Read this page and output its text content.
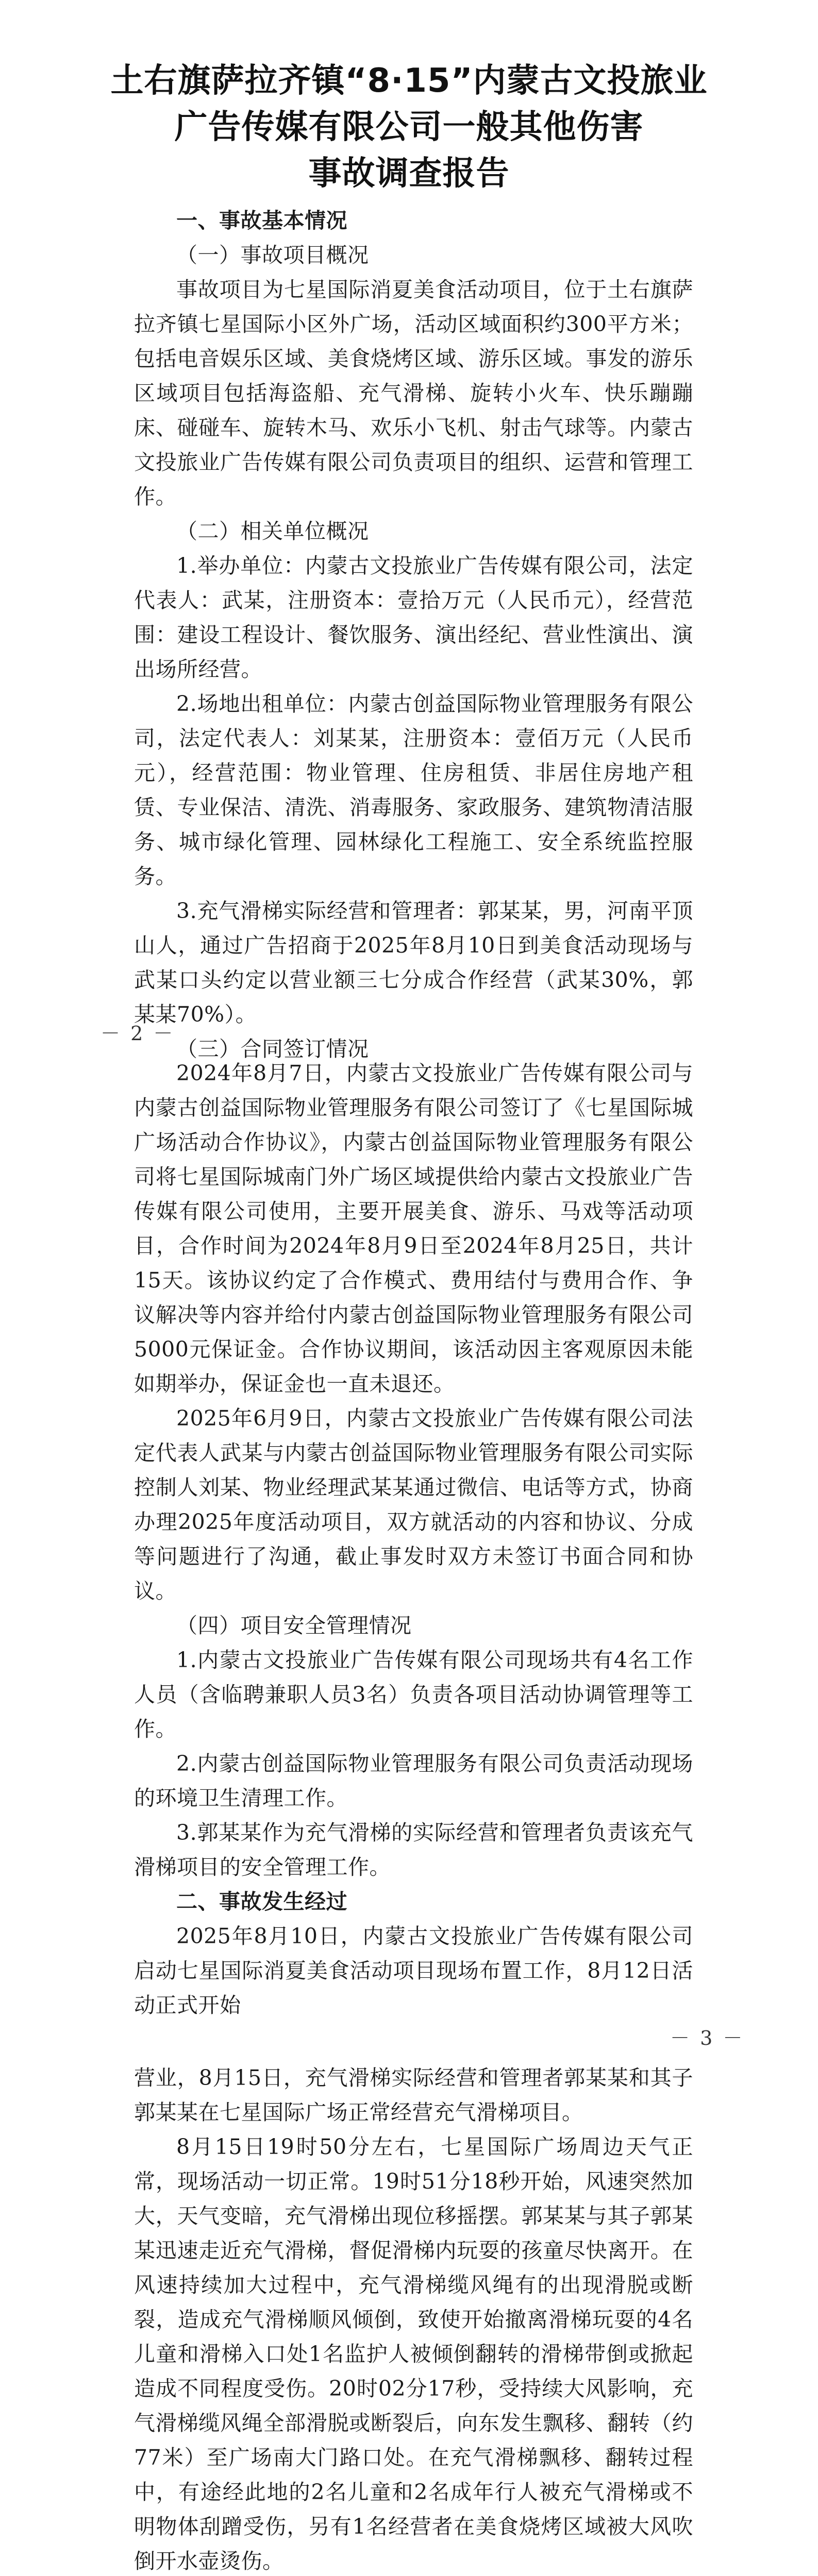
土右旗萨拉齐镇“8·15”内蒙古文投旅业
广告传媒有限公司一般其他伤害
事故调查报告
一、事故基本情况
（一）事故项目概况

事故项目为七星国际消夏美食活动项目，位于土右旗萨拉齐镇七星国际小区外广场，活动区域面积约300平方米；包括电音娱乐区域、美食烧烤区域、游乐区域。事发的游乐区域项目包括海盗船、充气滑梯、旋转小火车、快乐蹦蹦床、碰碰车、旋转木马、欢乐小飞机、射击气球等。内蒙古文投旅业广告传媒有限公司负责项目的组织、运营和管理工作。

（二）相关单位概况

1.举办单位：内蒙古文投旅业广告传媒有限公司，法定代表人：武某，注册资本：壹拾万元（人民币元），经营范围：建设工程设计、餐饮服务、演出经纪、营业性演出、演出场所经营。

2.场地出租单位：内蒙古创益国际物业管理服务有限公司，法定代表人：刘某某，注册资本：壹佰万元（人民币元），经营范围：物业管理、住房租赁、非居住房地产租赁、专业保洁、清洗、消毒服务、家政服务、建筑物清洁服务、城市绿化管理、园林绿化工程施工、安全系统监控服务。

3.充气滑梯实际经营和管理者：郭某某，男，河南平顶山人，通过广告招商于2025年8月10日到美食活动现场与武某口头约定以营业额三七分成合作经营（武某30%，郭某某70%）。

（三）合同签订情况
－ 2 －

2024年8月7日，内蒙古文投旅业广告传媒有限公司与内蒙古创益国际物业管理服务有限公司签订了《七星国际城广场活动合作协议》，内蒙古创益国际物业管理服务有限公司将七星国际城南门外广场区域提供给内蒙古文投旅业广告传媒有限公司使用，主要开展美食、游乐、马戏等活动项目，合作时间为2024年8月9日至2024年8月25日，共计15天。该协议约定了合作模式、费用结付与费用合作、争议解决等内容并给付内蒙古创益国际物业管理服务有限公司5000元保证金。合作协议期间，该活动因主客观原因未能如期举办，保证金也一直未退还。

2025年6月9日，内蒙古文投旅业广告传媒有限公司法定代表人武某与内蒙古创益国际物业管理服务有限公司实际控制人刘某、物业经理武某某通过微信、电话等方式，协商办理2025年度活动项目，双方就活动的内容和协议、分成等问题进行了沟通，截止事发时双方未签订书面合同和协议。

（四）项目安全管理情况

1.内蒙古文投旅业广告传媒有限公司现场共有4名工作人员（含临聘兼职人员3名）负责各项目活动协调管理等工作。

2.内蒙古创益国际物业管理服务有限公司负责活动现场的环境卫生清理工作。

3.郭某某作为充气滑梯的实际经营和管理者负责该充气滑梯项目的安全管理工作。

二、事故发生经过

2025年8月10日，内蒙古文投旅业广告传媒有限公司启动七星国际消夏美食活动项目现场布置工作，8月12日活动正式开始

－ 3 －

营业，8月15日，充气滑梯实际经营和管理者郭某某和其子郭某某在七星国际广场正常经营充气滑梯项目。

8月15日19时50分左右，七星国际广场周边天气正常，现场活动一切正常。19时51分18秒开始，风速突然加大，天气变暗，充气滑梯出现位移摇摆。郭某某与其子郭某某迅速走近充气滑梯，督促滑梯内玩耍的孩童尽快离开。在风速持续加大过程中，充气滑梯缆风绳有的出现滑脱或断裂，造成充气滑梯顺风倾倒，致使开始撤离滑梯玩耍的4名儿童和滑梯入口处1名监护人被倾倒翻转的滑梯带倒或掀起造成不同程度受伤。20时02分17秒，受持续大风影响，充气滑梯缆风绳全部滑脱或断裂后，向东发生飘移、翻转（约77米）至广场南大门路口处。在充气滑梯飘移、翻转过程中，有途经此地的2名儿童和2名成年行人被充气滑梯或不明物体刮蹭受伤，另有1名经营者在美食烧烤区域被大风吹倒开水壶烫伤。
